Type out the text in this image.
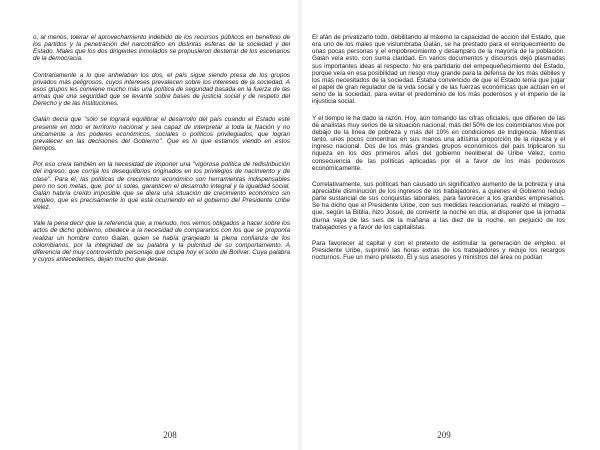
o, al menos, tolerar el aprovechamiento indebido de los recursos públicos en beneficio de los partidos y la penetración del narcotráfico en distintas esferas de la sociedad y del Estado. Males que los dos dirigentes inmolados se propusieron desterrar de los escenarios de la democracia.

Contrariamente a lo que anhelaban los dos, el país sigue siendo presa de los grupos privados más peligrosos, cuyos intereses prevalecen sobre los intereses de la sociedad. A esos grupos les conviene mucho más una política de seguridad basada en la fuerza de las armas que una seguridad que se levante sobre bases de justicia social y de respeto del Derecho y de las Instituciones.

Galán decía que "sólo se logrará equilibrar el desarrollo del país cuando el Estado esté presente en todo el territorio nacional y sea capaz de interpretar a toda la Nación y no únicamente a los poderes económicos, sociales o políticos privilegiados, que logran prevalecer en las decisiones del Gobierno". Que es lo que estamos viendo en estos tiempos.

Por eso creía también en la necesidad de imponer una "vigorosa política de redistribución del ingreso, que corrija los desequilibrios originados en los privilegios de nacimiento y de clase". Para él, las políticas de crecimiento económico son herramientas indispensables pero no son metas, que, por sí solas, garanticen el desarrollo integral y la igualdad social. Galán habría creído imposible que se diera una situación de crecimiento económico sin empleo, que es precisamente lo que está ocurriendo en el gobierno del Presidente Uribe Vélez.

Vale la pena decir que la referencia que, a menudo, nos vemos obligados a hacer sobre los actos de dicho gobierno, obedece a la necesidad de compararlos con los que se proponía realizar un hombre como Galán, quien se había granjeado la plena confianza de los colombianos, por la integridad de su palabra y la pulcritud de su comportamiento. A diferencia del muy controvertido personaje que ocupa hoy el solio de Bolívar. Cuya palabra y cuyos antecedentes, dejan mucho que desear.

208

El afán de privatizarlo todo, debilitando al máximo la capacidad de acción del Estado, que era uno de los males que vislumbraba Galán, se ha prestado para el enriquecimiento de unas pocas personas y el empobrecimiento y desamparo de la mayoría de la población. Galán veía esto, con suma claridad. En varios documentos y discursos dejó plasmadas sus importantes ideas al respecto. No era partidario del empequeñecimiento del Estado, porque veía en esa posibilidad un riesgo muy grande para la defensa de los más débiles y los más necesitados de la sociedad. Estaba convencido de que el Estado tenía que jugar el papel de gran regulador de la vida social y de las fuerzas económicas que actúan en el seno de la sociedad, para evitar el predominio de los más poderosos y el imperio de la injusticia social.

Y el tiempo le ha dado la razón. Hoy, aún tomando las cifras oficiales, que difieren de las de analistas muy serios de la situación nacional, más del 50% de los colombianos vive por debajo de la línea de pobreza y más del 10% en condiciones de indigencia. Mientras tanto, unos pocos concentran en sus manos una altísima proporción de la riqueza y el ingreso nacional. Dos de los más grandes grupos económicos del país triplicaron su riqueza en los dos primeros años del gobierno neoliberal de Uribe Vélez, como consecuencia de las políticas aplicadas por él a favor de los más poderosos económicamente.

Correlativamente, sus políticas han causado un significativo aumento de la pobreza y una apreciable disminución de los ingresos de los trabajadores, a quienes el Gobierno redujo parte sustancial de sus conquistas laborales, para favorecer a los grandes empresarios. Se ha dicho que el Presidente Uribe, con sus medidas reaccionarias, realizó el milagro –que, según la Biblia, hizo Josué, de convertir la noche en día, al disponer que la jornada diurna vaya de las seis de la mañana a las diez de la noche, en perjuicio de los trabajadores y a favor de los capitalistas.

Para favorecer al capital y con el pretexto de estimular la generación de empleo, el Presidente Uribe, suprimió las horas extras de los trabajadores y redujo los recargos nocturnos. Fue un mero pretexto. Él y sus asesores y ministros del área no podían

209
